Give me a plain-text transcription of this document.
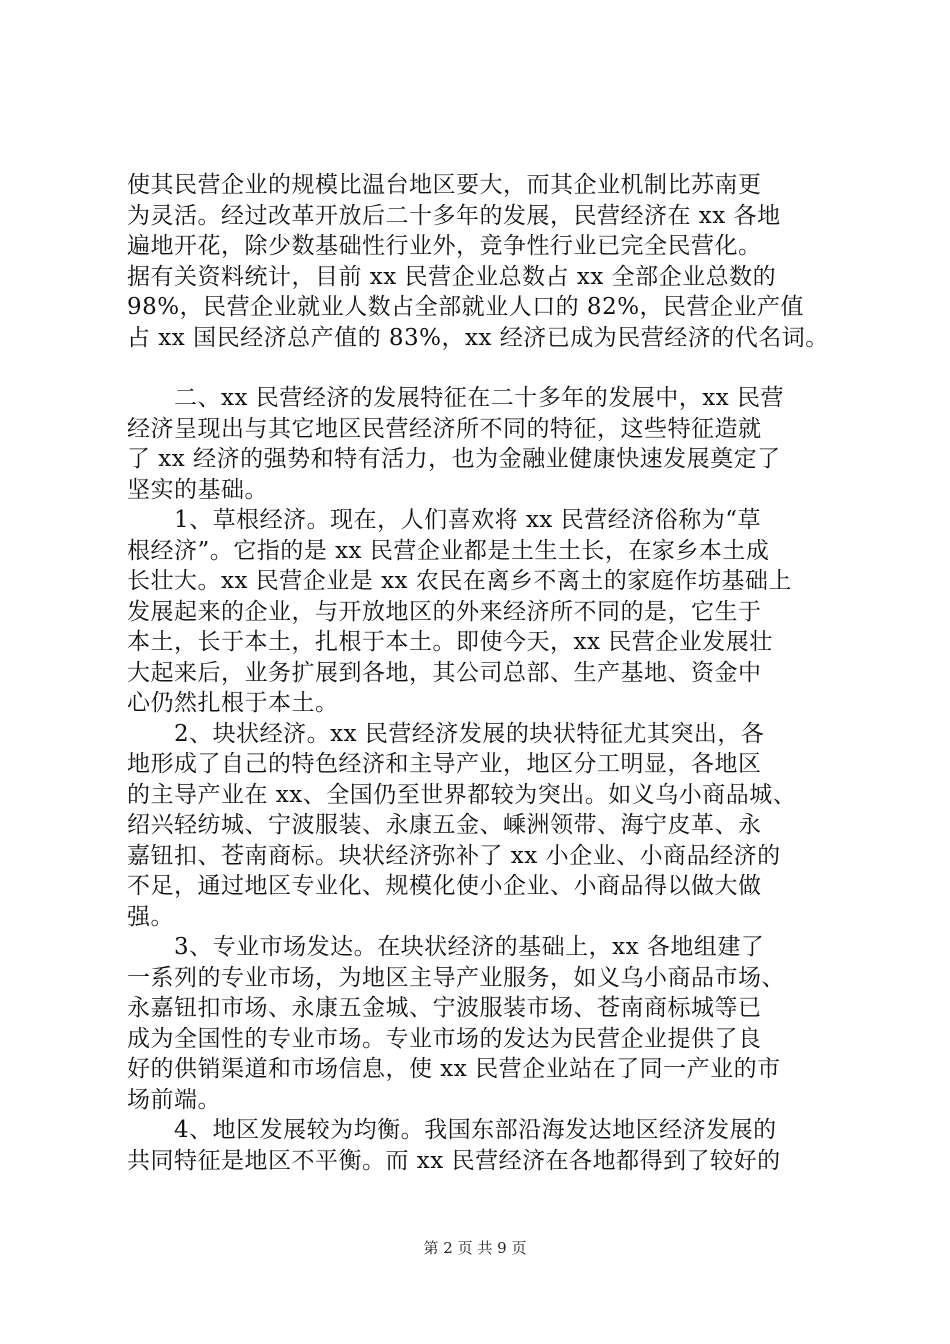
使其民营企业的规模比温台地区要大，而其企业机制比苏南更
为灵活。经过改革开放后二十多年的发展，民营经济在 xx 各地
遍地开花，除少数基础性行业外，竞争性行业已完全民营化。
据有关资料统计，目前 xx 民营企业总数占 xx 全部企业总数的
98%，民营企业就业人数占全部就业人口的 82%，民营企业产值
占 xx 国民经济总产值的 83%，xx 经济已成为民营经济的代名词。
　　二、xx 民营经济的发展特征在二十多年的发展中，xx 民营
经济呈现出与其它地区民营经济所不同的特征，这些特征造就
了 xx 经济的强势和特有活力，也为金融业健康快速发展奠定了
坚实的基础。
　　1、草根经济。现在，人们喜欢将 xx 民营经济俗称为“草
根经济”。它指的是 xx 民营企业都是土生土长，在家乡本土成
长壮大。xx 民营企业是 xx 农民在离乡不离土的家庭作坊基础上
发展起来的企业，与开放地区的外来经济所不同的是，它生于
本土，长于本土，扎根于本土。即使今天，xx 民营企业发展壮
大起来后，业务扩展到各地，其公司总部、生产基地、资金中
心仍然扎根于本土。
　　2、块状经济。xx 民营经济发展的块状特征尤其突出，各
地形成了自己的特色经济和主导产业，地区分工明显，各地区
的主导产业在 xx、全国仍至世界都较为突出。如义乌小商品城、
绍兴轻纺城、宁波服装、永康五金、嵊洲领带、海宁皮革、永
嘉钮扣、苍南商标。块状经济弥补了 xx 小企业、小商品经济的
不足，通过地区专业化、规模化使小企业、小商品得以做大做
强。
　　3、专业市场发达。在块状经济的基础上，xx 各地组建了
一系列的专业市场，为地区主导产业服务，如义乌小商品市场、
永嘉钮扣市场、永康五金城、宁波服装市场、苍南商标城等已
成为全国性的专业市场。专业市场的发达为民营企业提供了良
好的供销渠道和市场信息，使 xx 民营企业站在了同一产业的市
场前端。
　　4、地区发展较为均衡。我国东部沿海发达地区经济发展的
共同特征是地区不平衡。而 xx 民营经济在各地都得到了较好的
第 2 页 共 9 页
